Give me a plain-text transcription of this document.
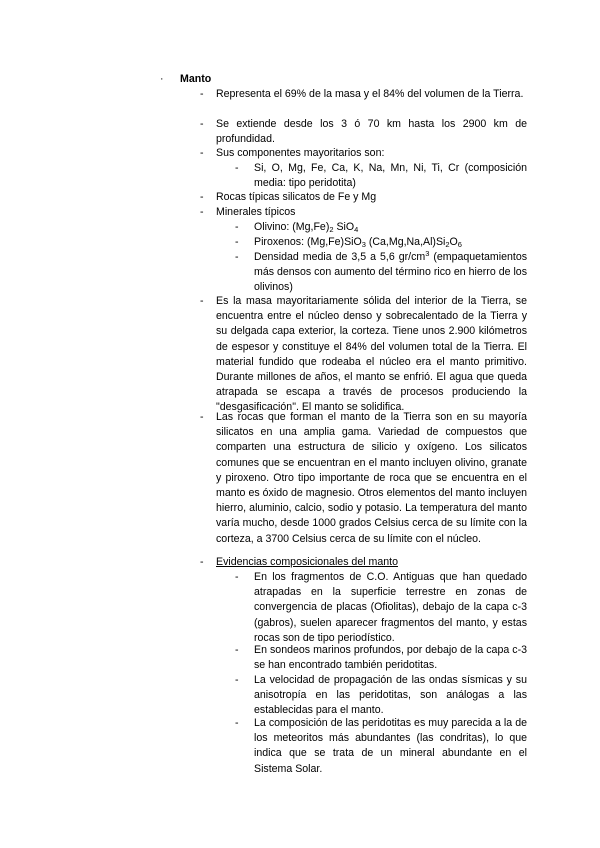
·	Manto
-	Representa el 69% de la masa y el 84% del volumen de la Tierra.
-	Se extiende desde los 3 ó 70 km hasta los 2900 km de profundidad.
-	Sus componentes mayoritarios son:
-	Si, O, Mg, Fe, Ca, K, Na, Mn, Ni, Ti, Cr (composición media: tipo peridotita)
-	Rocas típicas silicatos de Fe y Mg
-	Minerales típicos
-	Olivino: $(Mg,Fe)_2$ SiO$_4$
-	Piroxenos: (Mg,Fe)SiO$_3$ $(Ca,Mg,Na,Al)Si_2O_6$
-	Densidad media de 3,5 a 5,6 $gr/cm^3$ (empaquetamientos más densos con aumento del término rico en hierro de los olivinos)
-	Es la masa mayoritariamente sólida del interior de la Tierra, se encuentra entre el núcleo denso y sobrecalentado de la Tierra y su delgada capa exterior, la corteza. Tiene unos 2.900 kilómetros de espesor y constituye el 84% del volumen total de la Tierra. El material fundido que rodeaba el núcleo era el manto primitivo. Durante millones de años, el manto se enfrió. El agua que queda atrapada se escapa a través de procesos produciendo la "desgasificación". El manto se solidifica.
-	Las rocas que forman el manto de la Tierra son en su mayoría silicatos en una amplia gama. Variedad de compuestos que comparten una estructura de silicio y oxígeno. Los silicatos comunes que se encuentran en el manto incluyen olivino, granate y piroxeno. Otro tipo importante de roca que se encuentra en el manto es óxido de magnesio. Otros elementos del manto incluyen hierro, aluminio, calcio, sodio y potasio. La temperatura del manto varía mucho, desde 1000 grados Celsius cerca de su límite con la corteza, a 3700 Celsius cerca de su límite con el núcleo.
-	Evidencias composicionales del manto
-	En los fragmentos de C.O. Antiguas que han quedado atrapadas en la superficie terrestre en zonas de convergencia de placas (Ofiolitas), debajo de la capa c-3 (gabros), suelen aparecer fragmentos del manto, y estas rocas son de tipo periodístico.
-	En sondeos marinos profundos, por debajo de la capa c-3 se han encontrado también peridotitas.
-	La velocidad de propagación de las ondas sísmicas y su anisotropía en las peridotitas, son análogas a las establecidas para el manto.
-	La composición de las peridotitas es muy parecida a la de los meteoritos más abundantes (las condritas), lo que indica que se trata de un mineral abundante en el Sistema Solar.
